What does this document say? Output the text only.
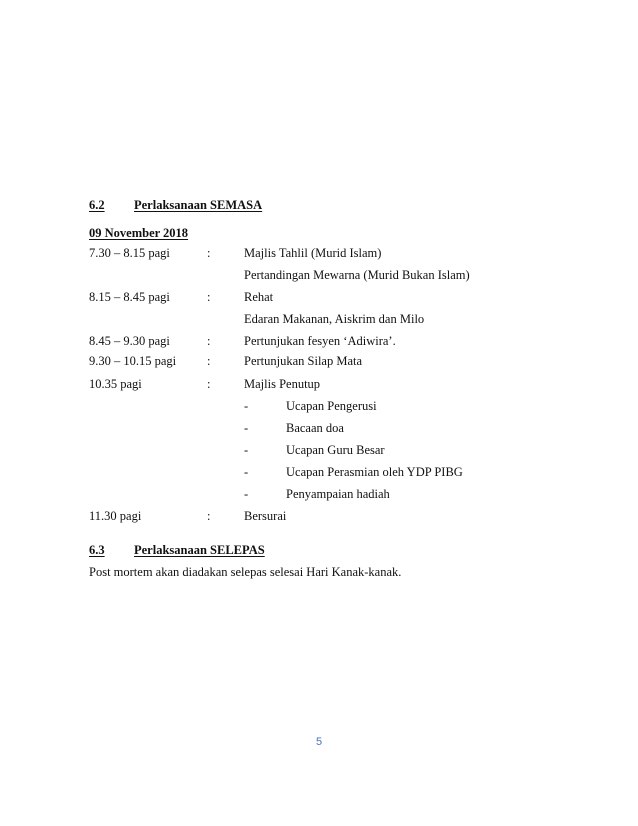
6.2 Perlaksanaan SEMASA
09 November 2018
7.30 – 8.15 pagi	:	Majlis Tahlil (Murid Islam)
Pertandingan Mewarna (Murid Bukan Islam)
8.15 – 8.45 pagi	:	Rehat
Edaran Makanan, Aiskrim dan Milo
8.45 – 9.30 pagi	:	Pertunjukan fesyen ‘Adiwira’.
9.30 – 10.15 pagi :	Pertunjukan Silap Mata
10.35 pagi	:	Majlis Penutup
-	Ucapan Pengerusi
-	Bacaan doa
-	Ucapan Guru Besar
-	Ucapan Perasmian oleh YDP PIBG
-	Penyampaian hadiah
11.30 pagi	:	Bersurai
6.3 Perlaksanaan SELEPAS
Post mortem akan diadakan selepas selesai Hari Kanak-kanak.
5
